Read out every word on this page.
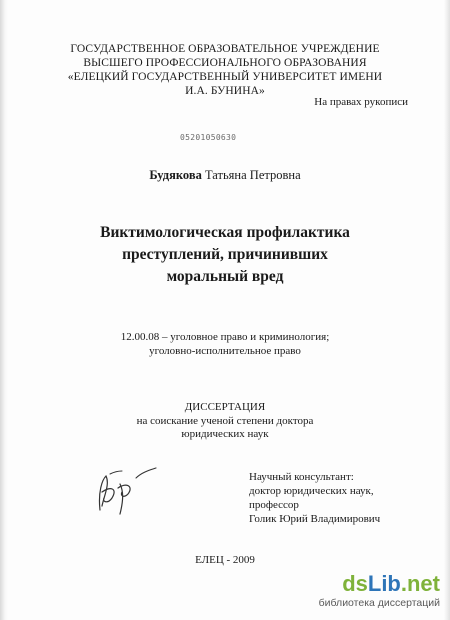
ГОСУДАРСТВЕННОЕ ОБРАЗОВАТЕЛЬНОЕ УЧРЕЖДЕНИЕ
ВЫСШЕГО ПРОФЕССИОНАЛЬНОГО ОБРАЗОВАНИЯ
«ЕЛЕЦКИЙ ГОСУДАРСТВЕННЫЙ УНИВЕРСИТЕТ ИМЕНИ
И.А. БУНИНА»
На правах рукописи
05201050630
Будякова Татьяна Петровна
Виктимологическая профилактика
преступлений, причинивших
моральный вред
12.00.08 – уголовное право и криминология;
уголовно-исполнительное право
ДИССЕРТАЦИЯ
на соискание ученой степени доктора
юридических наук
Научный консультант:
доктор юридических наук,
профессор
Голик Юрий Владимирович
ЕЛЕЦ - 2009
dsLib.net
библиотека диссертаций
